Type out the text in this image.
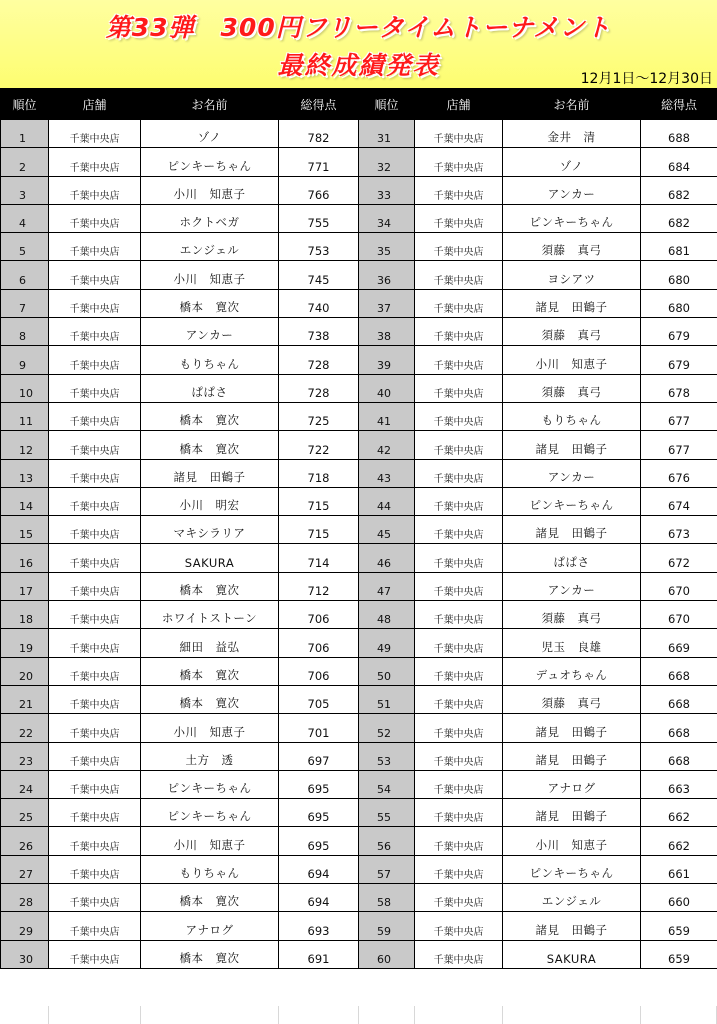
第33弾　300円フリータイムトーナメント
最終成績発表	12月1日～12月30日
順位	店舗	お名前	総得点	順位	店舗	お名前	総得点
1	千葉中央店	ゾノ	782	31	千葉中央店	金井　清	688
2	千葉中央店	ピンキーちゃん	771	32	千葉中央店	ゾノ	684
3	千葉中央店	小川　知恵子	766	33	千葉中央店	アンカー	682
4	千葉中央店	ホクトベガ	755	34	千葉中央店	ピンキーちゃん	682
5	千葉中央店	エンジェル	753	35	千葉中央店	須藤　真弓	681
6	千葉中央店	小川　知恵子	745	36	千葉中央店	ヨシアツ	680
7	千葉中央店	橋本　寛次	740	37	千葉中央店	諸見　田鶴子	680
8	千葉中央店	アンカー	738	38	千葉中央店	須藤　真弓	679
9	千葉中央店	もりちゃん	728	39	千葉中央店	小川　知恵子	679
10	千葉中央店	ぱぱさ	728	40	千葉中央店	須藤　真弓	678
11	千葉中央店	橋本　寛次	725	41	千葉中央店	もりちゃん	677
12	千葉中央店	橋本　寛次	722	42	千葉中央店	諸見　田鶴子	677
13	千葉中央店	諸見　田鶴子	718	43	千葉中央店	アンカー	676
14	千葉中央店	小川　明宏	715	44	千葉中央店	ピンキーちゃん	674
15	千葉中央店	マキシラリア	715	45	千葉中央店	諸見　田鶴子	673
16	千葉中央店	SAKURA	714	46	千葉中央店	ぱぱさ	672
17	千葉中央店	橋本　寛次	712	47	千葉中央店	アンカー	670
18	千葉中央店	ホワイトストーン	706	48	千葉中央店	須藤　真弓	670
19	千葉中央店	細田　益弘	706	49	千葉中央店	児玉　良雄	669
20	千葉中央店	橋本　寛次	706	50	千葉中央店	デュオちゃん	668
21	千葉中央店	橋本　寛次	705	51	千葉中央店	須藤　真弓	668
22	千葉中央店	小川　知恵子	701	52	千葉中央店	諸見　田鶴子	668
23	千葉中央店	土方　透	697	53	千葉中央店	諸見　田鶴子	668
24	千葉中央店	ピンキーちゃん	695	54	千葉中央店	アナログ	663
25	千葉中央店	ピンキーちゃん	695	55	千葉中央店	諸見　田鶴子	662
26	千葉中央店	小川　知恵子	695	56	千葉中央店	小川　知恵子	662
27	千葉中央店	もりちゃん	694	57	千葉中央店	ピンキーちゃん	661
28	千葉中央店	橋本　寛次	694	58	千葉中央店	エンジェル	660
29	千葉中央店	アナログ	693	59	千葉中央店	諸見　田鶴子	659
30	千葉中央店	橋本　寛次	691	60	千葉中央店	SAKURA	659
